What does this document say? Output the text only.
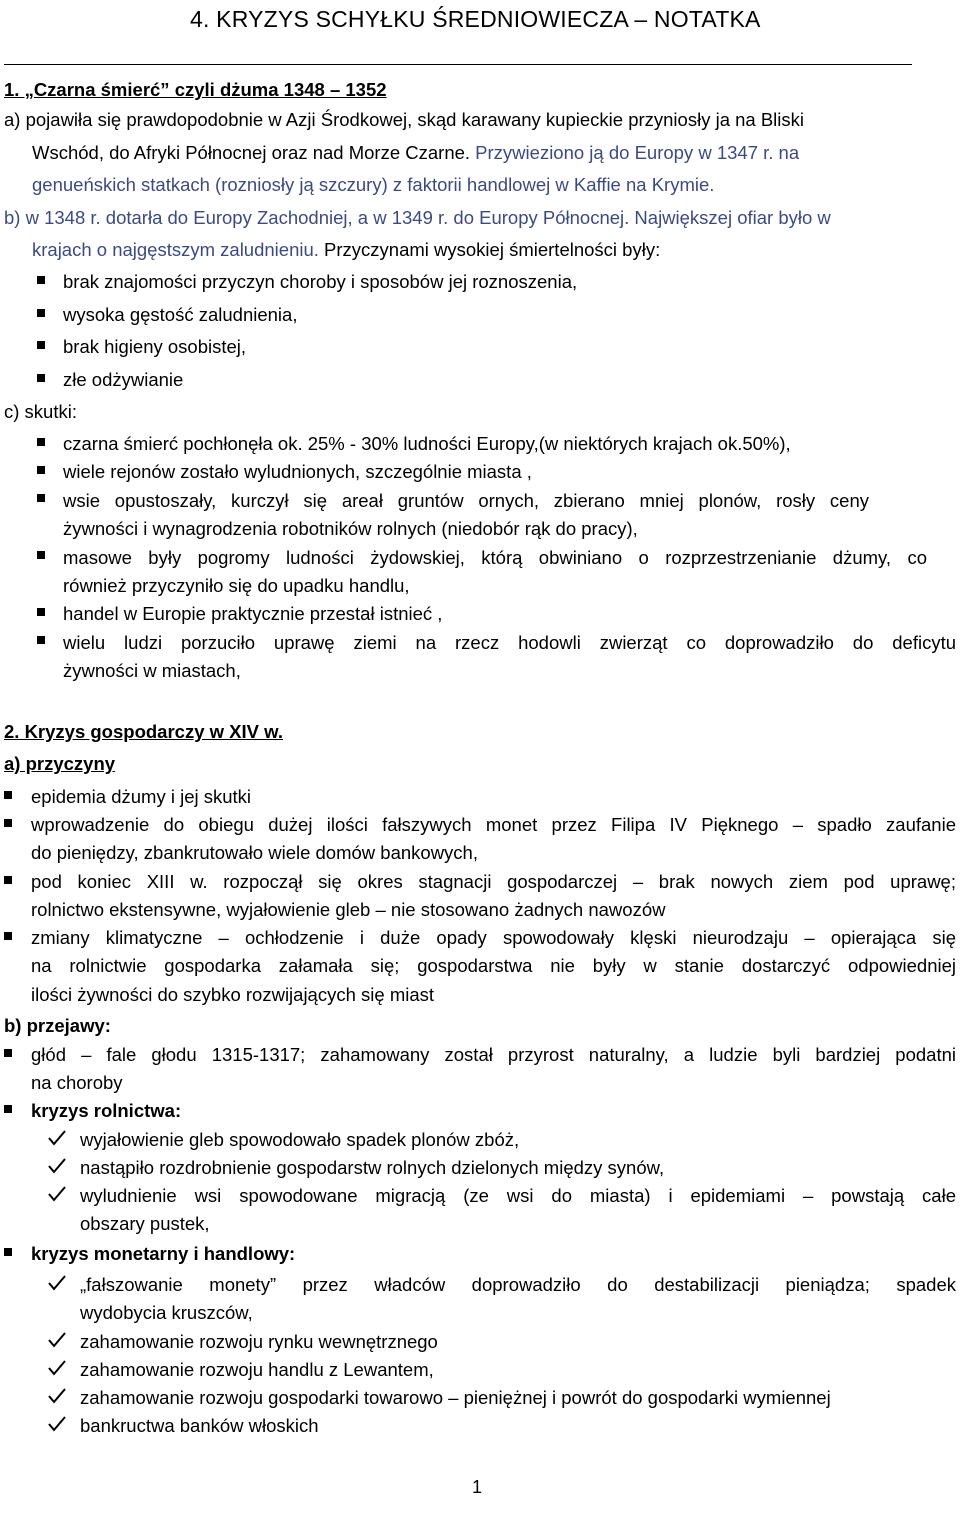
4. KRYZYS SCHYŁKU ŚREDNIOWIECZA – NOTATKA
1. „Czarna śmierć” czyli dżuma 1348 – 1352
a) pojawiła się prawdopodobnie w Azji Środkowej, skąd karawany kupieckie przyniosły ja na Bliski
Wschód, do Afryki Północnej oraz nad Morze Czarne. Przywieziono ją do Europy w 1347 r. na
genueńskich statkach (rozniosły ją szczury) z faktorii handlowej w Kaffie na Krymie.
b) w 1348 r. dotarła do Europy Zachodniej, a w 1349 r. do Europy Północnej. Największej ofiar było w
krajach o najgęstszym zaludnieniu. Przyczynami wysokiej śmiertelności były:
brak znajomości przyczyn choroby i sposobów jej roznoszenia,
wysoka gęstość zaludnienia,
brak higieny osobistej,
złe odżywianie
c) skutki:
czarna śmierć pochłonęła ok. 25% - 30% ludności Europy,(w niektórych krajach ok.50%),
wiele rejonów zostało wyludnionych, szczególnie miasta ,
wsie opustoszały, kurczył się areał gruntów ornych, zbierano mniej plonów, rosły ceny
żywności i wynagrodzenia robotników rolnych (niedobór rąk do pracy),
masowe były pogromy ludności żydowskiej, którą obwiniano o rozprzestrzenianie dżumy, co
również przyczyniło się do upadku handlu,
handel w Europie praktycznie przestał istnieć ,
wielu ludzi porzuciło uprawę ziemi na rzecz hodowli zwierząt co doprowadziło do deficytu
żywności w miastach,
2. Kryzys gospodarczy w XIV w.
a) przyczyny
epidemia dżumy i jej skutki
wprowadzenie do obiegu dużej ilości fałszywych monet przez Filipa IV Pięknego – spadło zaufanie
do pieniędzy, zbankrutowało wiele domów bankowych,
pod koniec XIII w. rozpoczął się okres stagnacji gospodarczej – brak nowych ziem pod uprawę;
rolnictwo ekstensywne, wyjałowienie gleb – nie stosowano żadnych nawozów
zmiany klimatyczne – ochłodzenie i duże opady spowodowały klęski nieurodzaju – opierająca się
na rolnictwie gospodarka załamała się; gospodarstwa nie były w stanie dostarczyć odpowiedniej
ilości żywności do szybko rozwijających się miast
b) przejawy:
głód – fale głodu 1315-1317; zahamowany został przyrost naturalny, a ludzie byli bardziej podatni
na choroby
kryzys rolnictwa:
wyjałowienie gleb spowodowało spadek plonów zbóż,
nastąpiło rozdrobnienie gospodarstw rolnych dzielonych między synów,
wyludnienie wsi spowodowane migracją (ze wsi do miasta) i epidemiami – powstają całe
obszary pustek,
kryzys monetarny i handlowy:
„fałszowanie monety” przez władców doprowadziło do destabilizacji pieniądza; spadek
wydobycia kruszców,
zahamowanie rozwoju rynku wewnętrznego
zahamowanie rozwoju handlu z Lewantem,
zahamowanie rozwoju gospodarki towarowo – pieniężnej i powrót do gospodarki wymiennej
bankructwa banków włoskich
1
